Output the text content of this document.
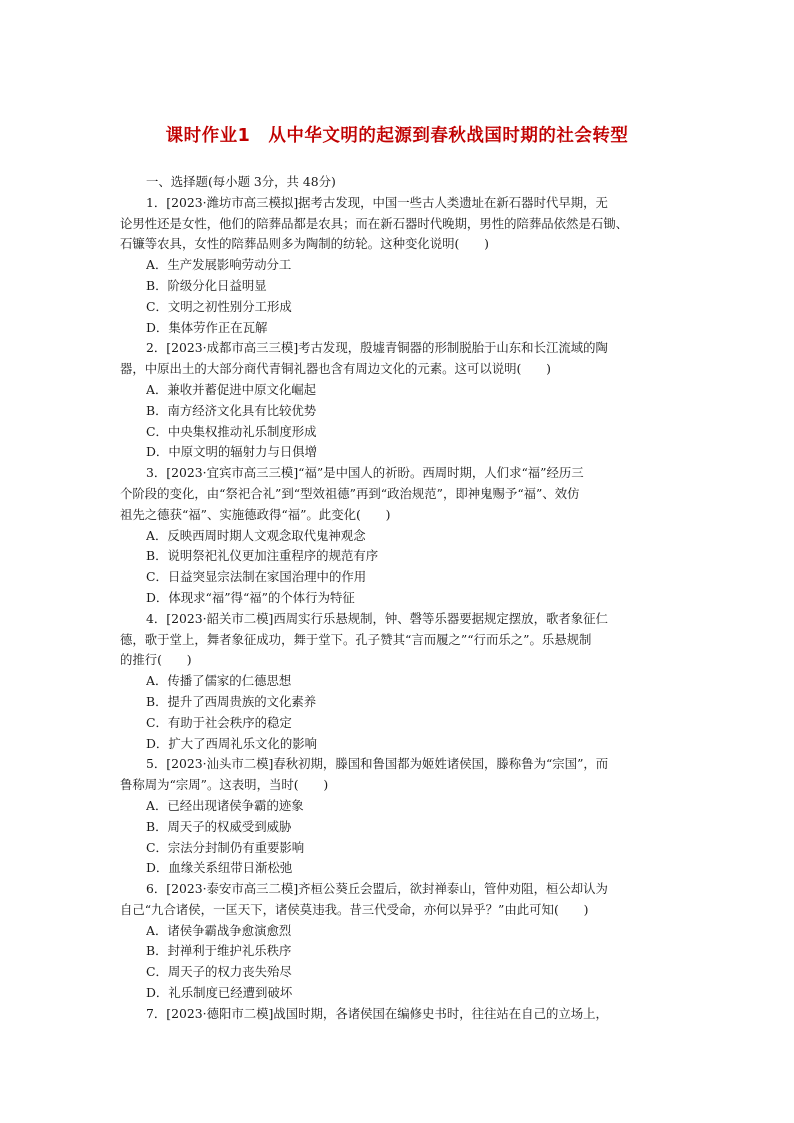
课时作业1　从中华文明的起源到春秋战国时期的社会转型
一、选择题(每小题 3分，共 48分)
1．[2023·潍坊市高三模拟]据考古发现，中国一些古人类遗址在新石器时代早期，无
论男性还是女性，他们的陪葬品都是农具；而在新石器时代晚期，男性的陪葬品依然是石锄、
石镰等农具，女性的陪葬品则多为陶制的纺轮。这种变化说明(　　)
A．生产发展影响劳动分工
B．阶级分化日益明显
C．文明之初性别分工形成
D．集体劳作正在瓦解
2．[2023·成都市高三三模]考古发现，殷墟青铜器的形制脱胎于山东和长江流域的陶
器，中原出土的大部分商代青铜礼器也含有周边文化的元素。这可以说明(　　)
A．兼收并蓄促进中原文化崛起
B．南方经济文化具有比较优势
C．中央集权推动礼乐制度形成
D．中原文明的辐射力与日俱增
3．[2023·宜宾市高三三模]“福”是中国人的祈盼。西周时期，人们求“福”经历三
个阶段的变化，由“祭祀合礼”到“型效祖德”再到“政治规范”，即神鬼赐予“福”、效仿
祖先之德获“福”、实施德政得“福”。此变化(　　)
A．反映西周时期人文观念取代鬼神观念
B．说明祭祀礼仪更加注重程序的规范有序
C．日益突显宗法制在家国治理中的作用
D．体现求“福”得“福”的个体行为特征
4．[2023·韶关市二模]西周实行乐悬规制，钟、磬等乐器要据规定摆放，歌者象征仁
德，歌于堂上，舞者象征成功，舞于堂下。孔子赞其“言而履之”“行而乐之”。乐悬规制
的推行(　　)
A．传播了儒家的仁德思想
B．提升了西周贵族的文化素养
C．有助于社会秩序的稳定
D．扩大了西周礼乐文化的影响
5．[2023·汕头市二模]春秋初期，滕国和鲁国都为姬姓诸侯国，滕称鲁为“宗国”，而
鲁称周为“宗周”。这表明，当时(　　)
A．已经出现诸侯争霸的迹象
B．周天子的权威受到威胁
C．宗法分封制仍有重要影响
D．血缘关系纽带日渐松弛
6．[2023·泰安市高三二模]齐桓公葵丘会盟后，欲封禅泰山，管仲劝阻，桓公却认为
自己“九合诸侯，一匡天下，诸侯莫违我。昔三代受命，亦何以异乎？”由此可知(　　)
A．诸侯争霸战争愈演愈烈
B．封禅利于维护礼乐秩序
C．周天子的权力丧失殆尽
D．礼乐制度已经遭到破坏
7．[2023·德阳市二模]战国时期，各诸侯国在编修史书时，往往站在自己的立场上，
